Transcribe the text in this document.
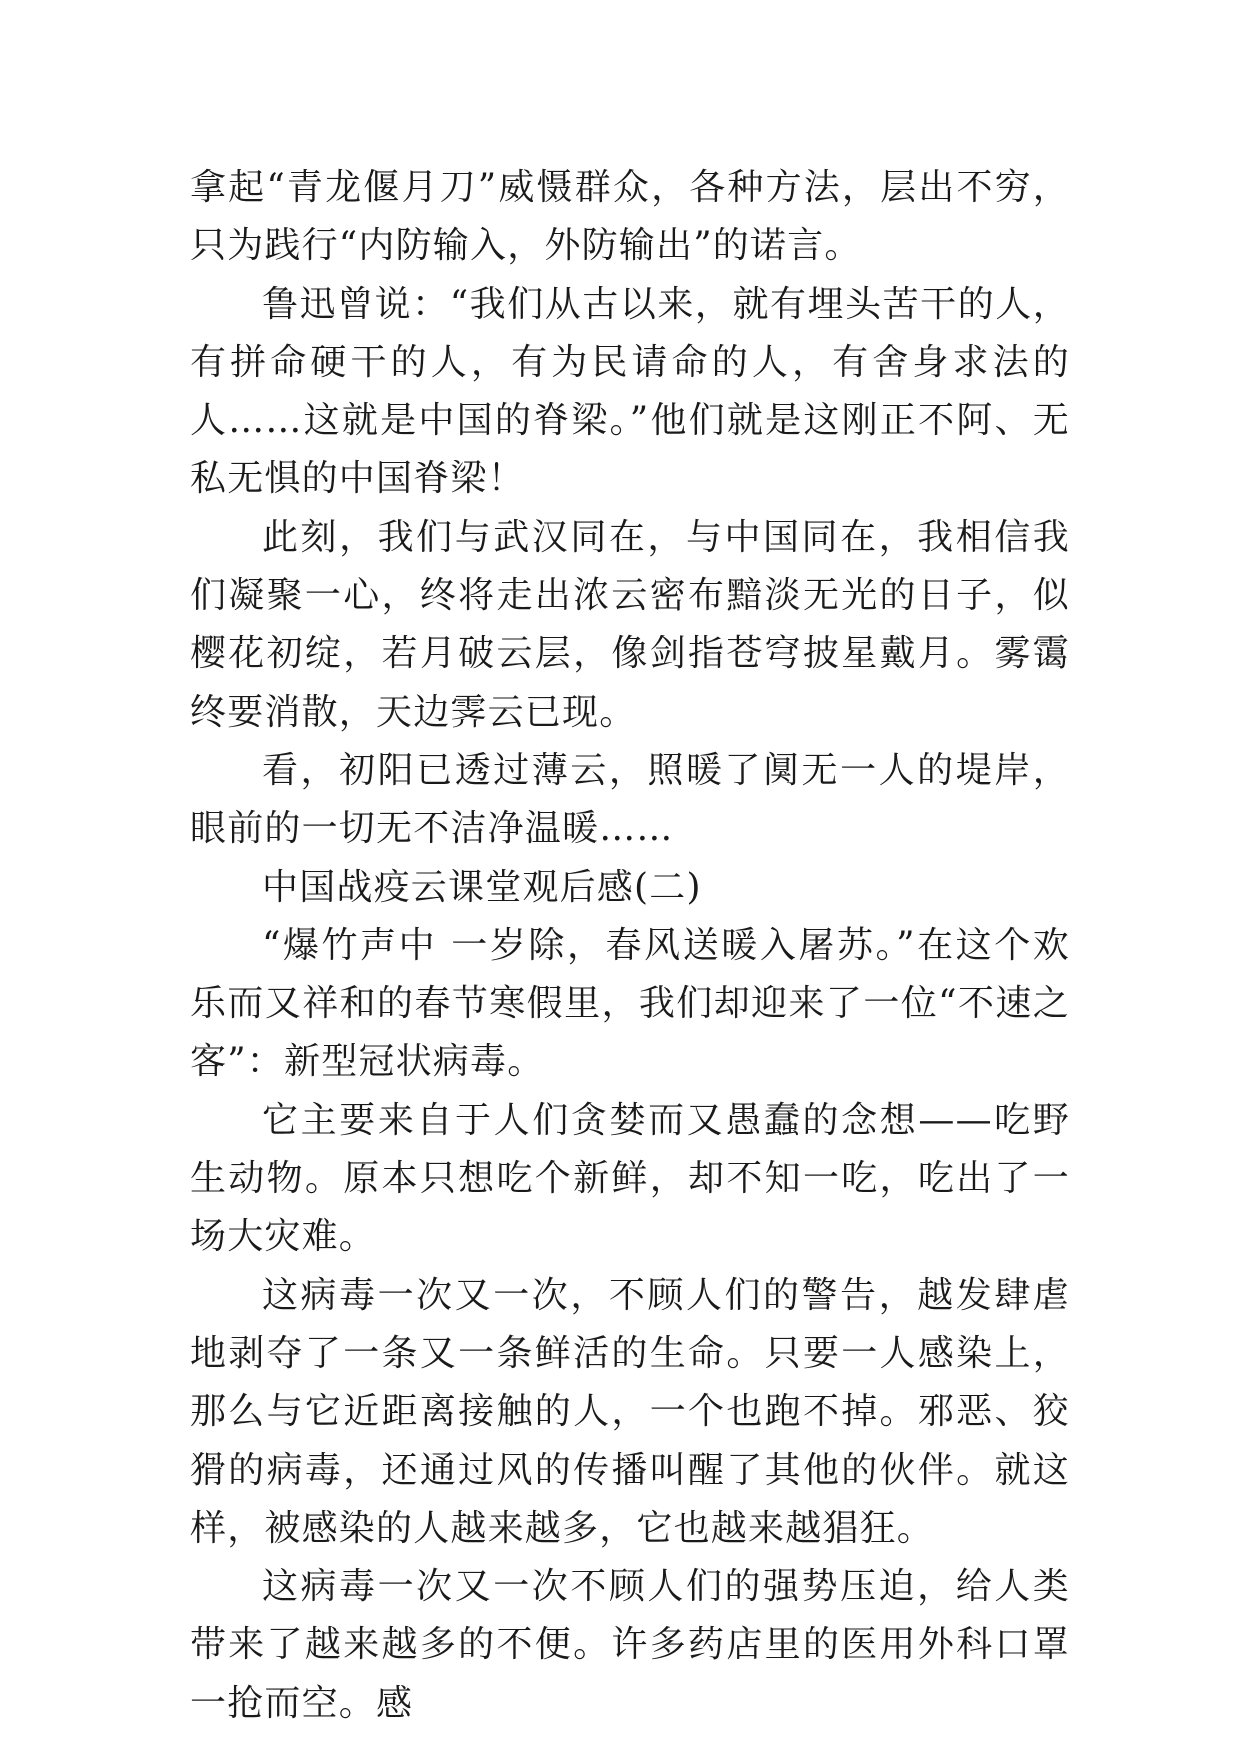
拿起“青龙偃月刀”威慑群众，各种方法，层出不穷，只为践行“内防输入，外防输出”的诺言。

鲁迅曾说：“我们从古以来，就有埋头苦干的人，有拼命硬干的人，有为民请命的人，有舍身求法的人……这就是中国的脊梁。”他们就是这刚正不阿、无私无惧的中国脊梁！

此刻，我们与武汉同在，与中国同在，我相信我们凝聚一心，终将走出浓云密布黯淡无光的日子，似樱花初绽，若月破云层，像剑指苍穹披星戴月。雾霭终要消散，天边霁云已现。

看，初阳已透过薄云，照暖了阒无一人的堤岸，眼前的一切无不洁净温暖……

中国战疫云课堂观后感(二)

“爆竹声中 一岁除，春风送暖入屠苏。”在这个欢乐而又祥和的春节寒假里，我们却迎来了一位“不速之客”：新型冠状病毒。

它主要来自于人们贪婪而又愚蠢的念想——吃野生动物。原本只想吃个新鲜，却不知一吃，吃出了一场大灾难。

这病毒一次又一次，不顾人们的警告，越发肆虐地剥夺了一条又一条鲜活的生命。只要一人感染上，那么与它近距离接触的人，一个也跑不掉。邪恶、狡猾的病毒，还通过风的传播叫醒了其他的伙伴。就这样，被感染的人越来越多，它也越来越猖狂。

这病毒一次又一次不顾人们的强势压迫，给人类带来了越来越多的不便。许多药店里的医用外科口罩一抢而空。感
